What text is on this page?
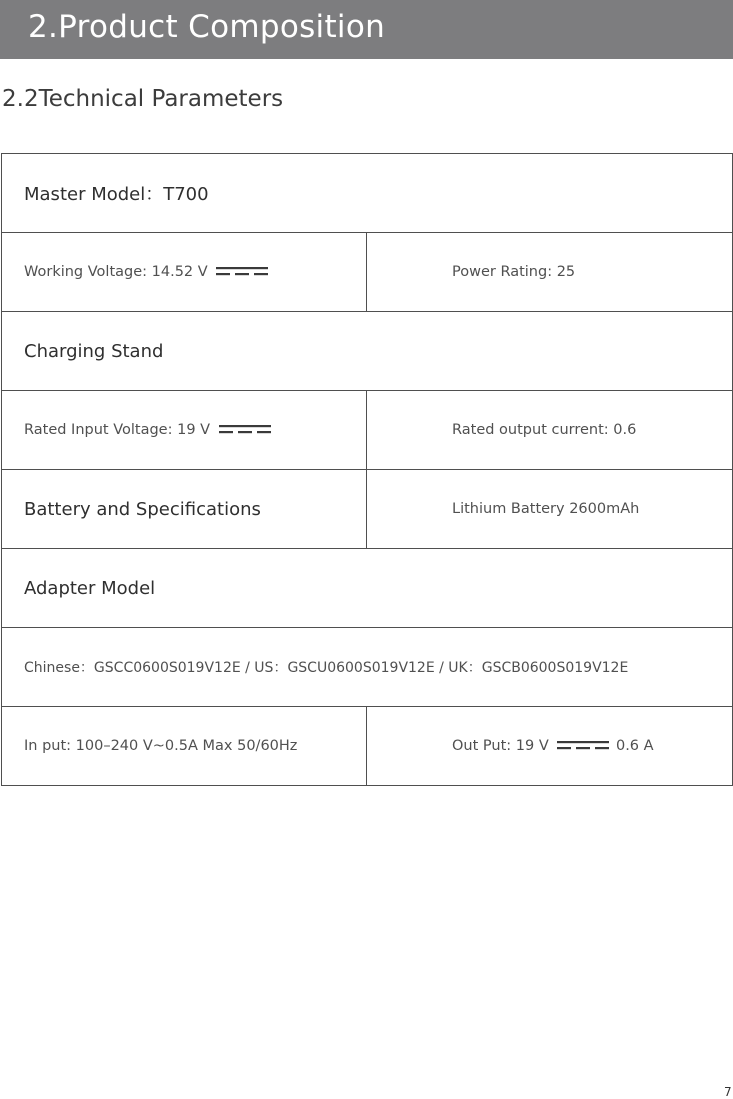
2.Product Composition
2.2Technical Parameters
Master Model：T700	
Working Voltage: 14.52 V	Power Rating: 25
Charging Stand	
Rated Input Voltage: 19 V	Rated output current: 0.6
Battery and Specifications	Lithium Battery 2600mAh
Adapter Model	
Chinese：GSCC0600S019V12E / US：GSCU0600S019V12E / UK：GSCB0600S019V12E	
In put: 100–240 V~0.5A Max 50/60Hz	Out Put: 19 V 0.6 A
7
